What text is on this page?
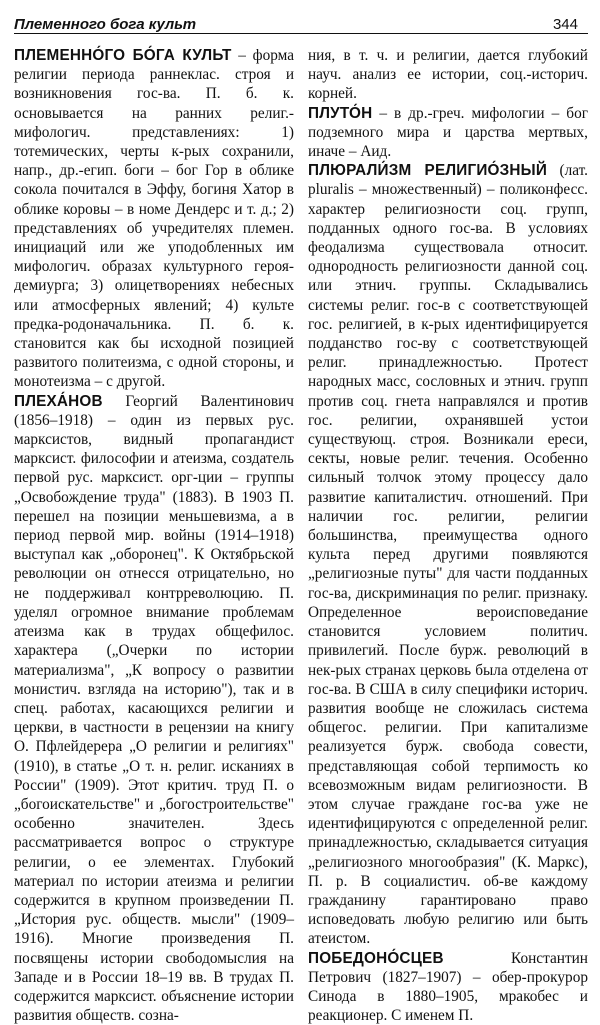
Племенного бога культ	344

ПЛЕМЕННО́ГО БО́ГА КУЛЬТ – форма религии периода раннеклас. строя и возникновения гос-ва. П. б. к. основывается на ранних религ.-мифологич. представлениях: 1) тотемических, черты к-рых сохранили, напр., др.-егип. боги – бог Гор в облике сокола почитался в Эффу, богиня Хатор в облике коровы – в номе Дендерс и т. д.; 2) представлениях об учредителях племен. инициаций или же уподобленных им мифологич. образах культурного героя-демиурга; 3) олицетворениях небесных или атмосферных явлений; 4) культе предка-родоначальника. П. б. к. становится как бы исходной позицией развитого политеизма, с одной стороны, и монотеизма – с другой.

ПЛЕХА́НОВ Георгий Валентинович (1856–1918) – один из первых рус. марксистов, видный пропагандист марксист. философии и атеизма, создатель первой рус. марксист. орг-ции – группы „Освобождение труда" (1883). В 1903 П. перешел на позиции меньшевизма, а в период первой мир. войны (1914–1918) выступал как „оборонец". К Октябрьской революции он отнесся отрицательно, но не поддерживал контрреволюцию. П. уделял огромное внимание проблемам атеизма как в трудах общефилос. характера („Очерки по истории материализма", „К вопросу о развитии монистич. взгляда на историю"), так и в спец. работах, касающихся религии и церкви, в частности в рецензии на книгу О. Пфлейдерера „О религии и религиях" (1910), в статье „О т. н. религ. исканиях в России" (1909). Этот критич. труд П. о „богоискательстве" и „богостроительстве" особенно значителен. Здесь рассматривается вопрос о структуре религии, о ее элементах. Глубокий материал по истории атеизма и религии содержится в крупном произведении П. „История рус. обществ. мысли" (1909–1916). Многие произведения П. посвящены истории свободомыслия на Западе и в России 18–19 вв. В трудах П. содержится марксист. объяснение истории развития обществ. созна-

ния, в т. ч. и религии, дается глубокий науч. анализ ее истории, соц.-историч. корней.

ПЛУТО́Н – в др.-греч. мифологии – бог подземного мира и царства мертвых, иначе – Аид.

ПЛЮРАЛИ́ЗМ РЕЛИГИО́ЗНЫЙ (лат. pluralis – множественный) – поликонфесс. характер религиозности соц. групп, подданных одного гос-ва. В условиях феодализма существовала относит. однородность религиозности данной соц. или этнич. группы. Складывались системы религ. гос-в с соответствующей гос. религией, в к-рых идентифицируется подданство гос-ву с соответствующей религ. принадлежностью. Протест народных масс, сословных и этнич. групп против соц. гнета направлялся и против гос. религии, охранявшей устои существующ. строя. Возникали ереси, секты, новые религ. течения. Особенно сильный толчок этому процессу дало развитие капиталистич. отношений. При наличии гос. религии, религии большинства, преимущества одного культа перед другими появляются „религиозные путы" для части подданных гос-ва, дискриминация по религ. признаку. Определенное вероисповедание становится условием политич. привилегий. После бурж. революций в нек-рых странах церковь была отделена от гос-ва. В США в силу специфики историч. развития вообще не сложилась система общегос. религии. При капитализме реализуется бурж. свобода совести, представляющая собой терпимость ко всевозможным видам религиозности. В этом случае граждане гос-ва уже не идентифицируются с определенной религ. принадлежностью, складывается ситуация „религиозного многообразия" (К. Маркс), П. р. В социалистич. об-ве каждому гражданину гарантировано право исповедовать любую религию или быть атеистом.

ПОБЕДОНО́СЦЕВ Константин Петрович (1827–1907) – обер-прокурор Синода в 1880–1905, мракобес и реакционер. С именем П.
